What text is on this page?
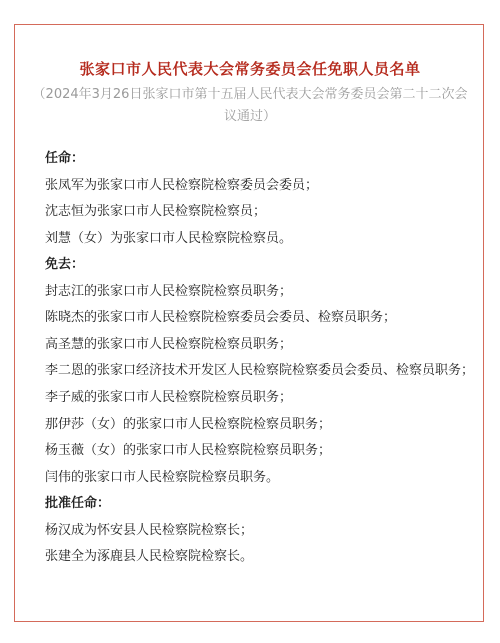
张家口市人民代表大会常务委员会任免职人员名单
（2024年3月26日张家口市第十五届人民代表大会常务委员会第二十二次会议通过）
任命：
张凤军为张家口市人民检察院检察委员会委员；
沈志恒为张家口市人民检察院检察员；
刘慧（女）为张家口市人民检察院检察员。
免去：
封志江的张家口市人民检察院检察员职务；
陈晓杰的张家口市人民检察院检察委员会委员、检察员职务；
高圣慧的张家口市人民检察院检察员职务；
李二恩的张家口经济技术开发区人民检察院检察委员会委员、检察员职务；
李子威的张家口市人民检察院检察员职务；
那伊莎（女）的张家口市人民检察院检察员职务；
杨玉薇（女）的张家口市人民检察院检察员职务；
闫伟的张家口市人民检察院检察员职务。
批准任命：
杨汉成为怀安县人民检察院检察长；
张建全为涿鹿县人民检察院检察长。
